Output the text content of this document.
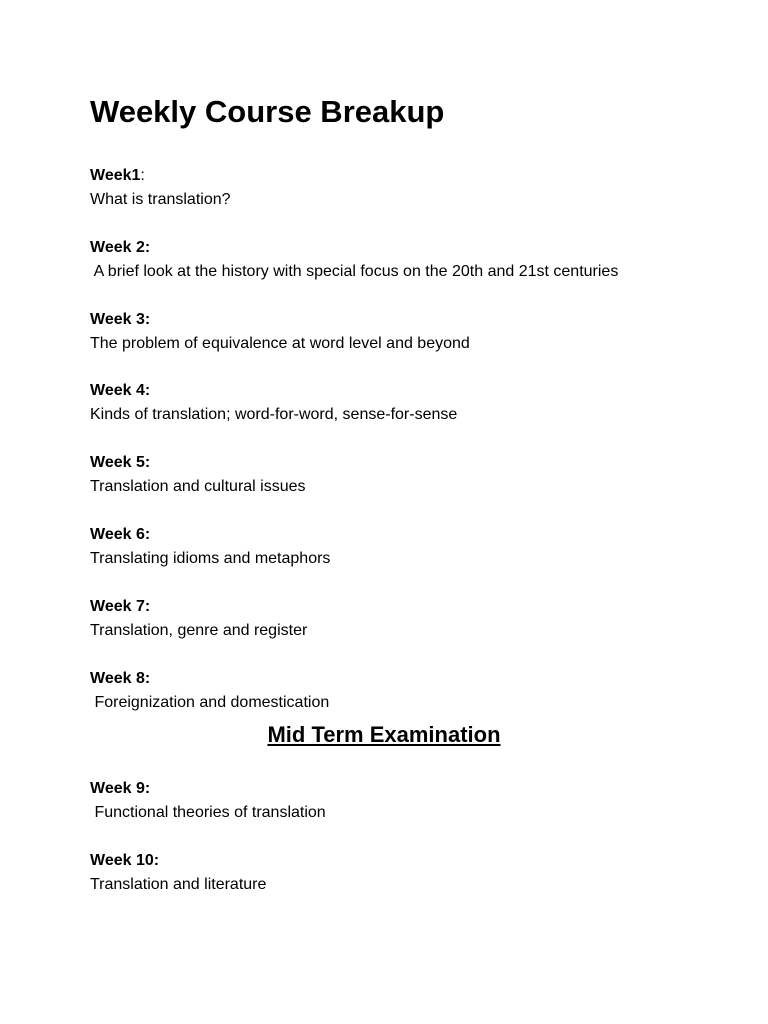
Weekly Course Breakup
Week1:
What is translation?
Week 2:
A brief look at the history with special focus on the 20th and 21st centuries
Week 3:
The problem of equivalence at word level and beyond
Week 4:
Kinds of translation; word-for-word, sense-for-sense
Week 5:
Translation and cultural issues
Week 6:
Translating idioms and metaphors
Week 7:
Translation, genre and register
Week 8:
Foreignization and domestication
Mid Term Examination
Week 9:
Functional theories of translation
Week 10:
Translation and literature
